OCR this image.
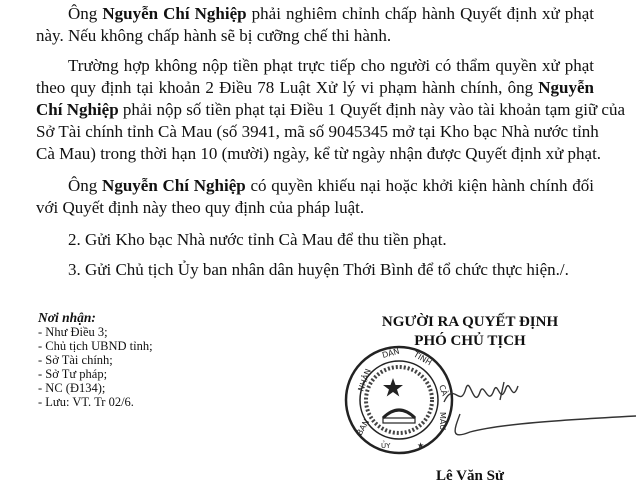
Ông Nguyễn Chí Nghiệp phải nghiêm chỉnh chấp hành Quyết định xử phạt
này. Nếu không chấp hành sẽ bị cưỡng chế thi hành.
Trường hợp không nộp tiền phạt trực tiếp cho người có thẩm quyền xử phạt
theo quy định tại khoản 2 Điều 78 Luật Xử lý vi phạm hành chính, ông Nguyễn
Chí Nghiệp phải nộp số tiền phạt tại Điều 1 Quyết định này vào tài khoản tạm giữ của
Sở Tài chính tỉnh Cà Mau (số 3941, mã số 9045345 mở tại Kho bạc Nhà nước tỉnh
Cà Mau) trong thời hạn 10 (mười) ngày, kể từ ngày nhận được Quyết định xử phạt.
Ông Nguyễn Chí Nghiệp có quyền khiếu nại hoặc khởi kiện hành chính đối
với Quyết định này theo quy định của pháp luật.
2. Gửi Kho bạc Nhà nước tỉnh Cà Mau để thu tiền phạt.
3. Gửi Chủ tịch Ủy ban nhân dân huyện Thới Bình để tổ chức thực hiện./.
Nơi nhận:
- Như Điều 3;
- Chủ tịch UBND tỉnh;
- Sở Tài chính;
- Sở Tư pháp;
- NC (Đ134);
- Lưu: VT. Tr 02/6.
NGƯỜI RA QUYẾT ĐỊNH
PHÓ CHỦ TỊCH
BAN
NHÂN
DÂN TỈNH
CÀ
MAU
ỦY	★
Lê Văn Sử
